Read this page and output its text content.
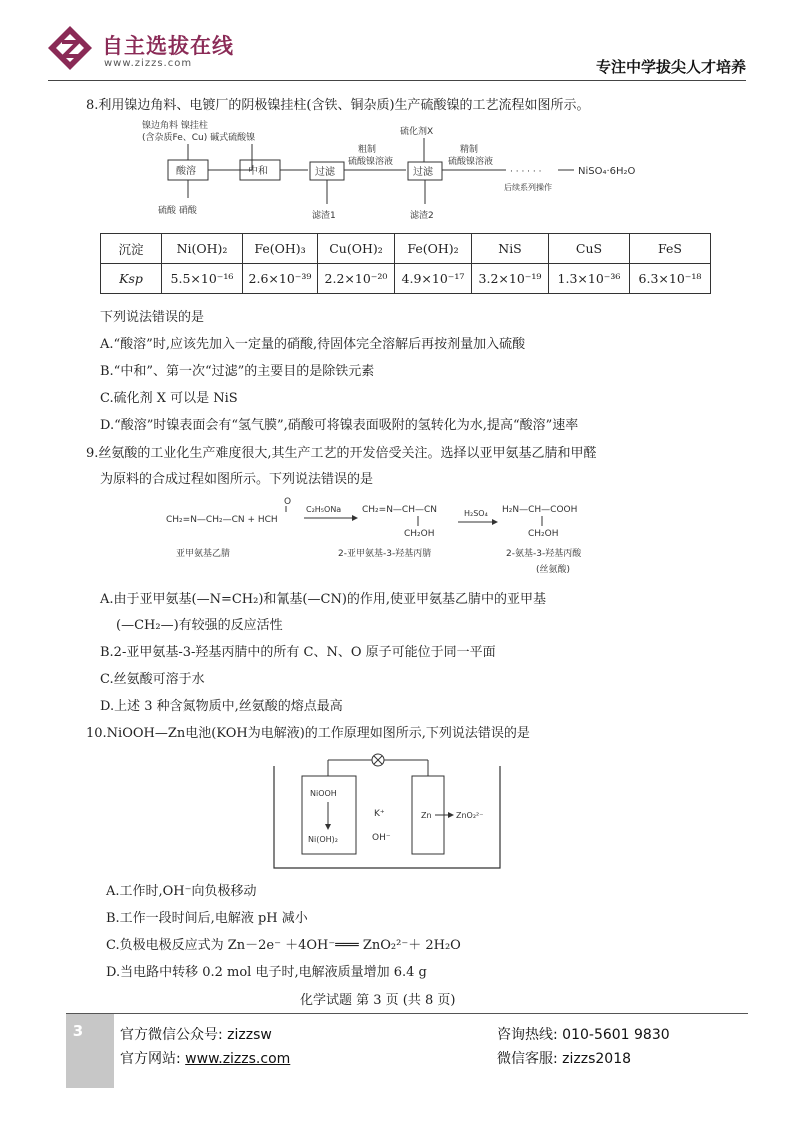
自主选拔在线
www.zizzs.com	专注中学拔尖人才培养
8.利用镍边角料、电镀厂的阴极镍挂柱(含铁、铜杂质)生产硫酸镍的工艺流程如图所示。
镍边角料 镍挂柱
(含杂质Fe、Cu) 碱式硫酸镍
酸溶
硫酸 硝酸
中和	过滤
滤渣1
粗制
硫酸镍溶液
硫化剂X
过滤
滤渣2
精制
硫酸镍溶液
· · · · · ·	NiSO₄·6H₂O
后续系列操作
沉淀	Ni(OH)₂	Fe(OH)₃	Cu(OH)₂	Fe(OH)₂	NiS	CuS	FeS
Ksp	5.5×10⁻¹⁶	2.6×10⁻³⁹	2.2×10⁻²⁰	4.9×10⁻¹⁷	3.2×10⁻¹⁹	1.3×10⁻³⁶	6.3×10⁻¹⁸
下列说法错误的是
A.“酸溶”时,应该先加入一定量的硝酸,待固体完全溶解后再按剂量加入硫酸
B.“中和”、第一次“过滤”的主要目的是除铁元素
C.硫化剂 X 可以是 NiS
D.“酸溶”时镍表面会有“氢气膜”,硝酸可将镍表面吸附的氢转化为水,提高“酸溶”速率
9.丝氨酸的工业化生产难度很大,其生产工艺的开发倍受关注。选择以亚甲氨基乙腈和甲醛
为原料的合成过程如图所示。下列说法错误的是
O
CH₂=N—CH₂—CN + HCH
C₂H₅ONa CH₂=N—CH—CN
CH₂OH
H₂SO₄ H₂N—CH—COOH
CH₂OH
亚甲氨基乙腈	2-亚甲氨基-3-羟基丙腈	2-氨基-3-羟基丙酸
(丝氨酸)
A.由于亚甲氨基(—N=CH₂)和氰基(—CN)的作用,使亚甲氨基乙腈中的亚甲基
(—CH₂—)有较强的反应活性
B.2-亚甲氨基-3-羟基丙腈中的所有 C、N、O 原子可能位于同一平面
C.丝氨酸可溶于水
D.上述 3 种含氮物质中,丝氨酸的熔点最高
10.NiOOH—Zn电池(KOH为电解液)的工作原理如图所示,下列说法错误的是
NiOOH
Ni(OH)₂
K⁺
OH⁻
Zn	ZnO₂²⁻
A.工作时,OH⁻向负极移动
B.工作一段时间后,电解液 pH 减小
C.负极电极反应式为 Zn－2e⁻ ＋4OH⁻═══ ZnO₂²⁻＋ 2H₂O
D.当电路中转移 0.2 mol 电子时,电解液质量增加 6.4 g
化学试题 第 3 页 (共 8 页)
3	官方微信公众号: zizzsw
官方网站: www.zizzs.com
咨询热线: 010-5601 9830
微信客服: zizzs2018
